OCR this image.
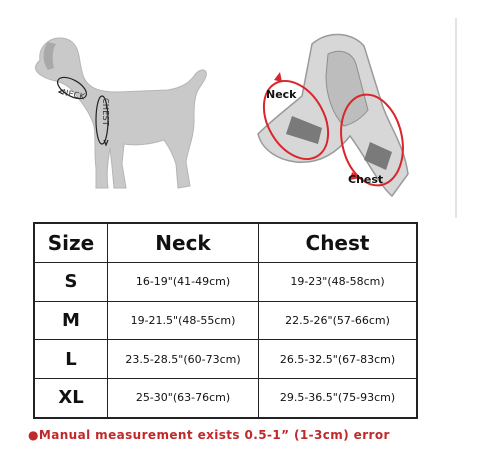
NECK
CHEST
Neck
Chest
Size	Neck	Chest
S	16-19"(41-49cm)	19-23"(48-58cm)
M	19-21.5"(48-55cm)	22.5-26"(57-66cm)
L	23.5-28.5"(60-73cm)	26.5-32.5"(67-83cm)
XL	25-30"(63-76cm)	29.5-36.5"(75-93cm)
●Manual measurement exists 0.5-1” (1-3cm) error
